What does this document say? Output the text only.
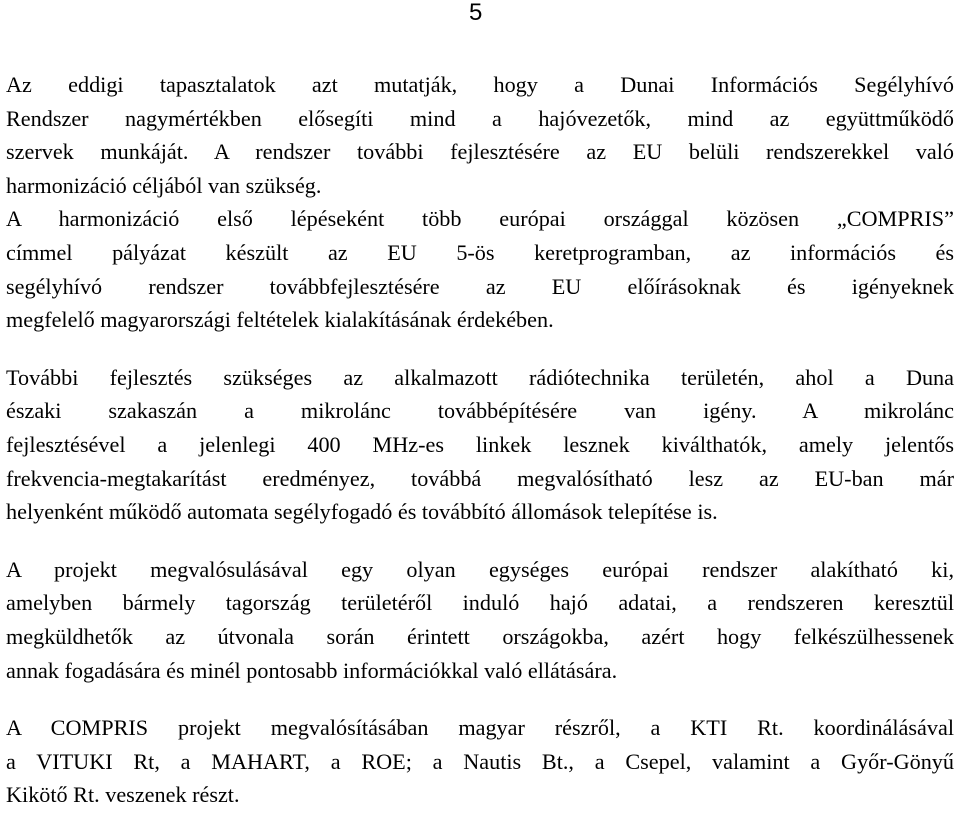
5
Az eddigi tapasztalatok azt mutatják, hogy a Dunai Információs Segélyhívó
Rendszer nagymértékben elősegíti mind a hajóvezetők, mind az együttműködő
szervek munkáját. A rendszer további fejlesztésére az EU belüli rendszerekkel való
harmonizáció céljából van szükség.
A harmonizáció első lépéseként több európai országgal közösen „COMPRIS”
címmel pályázat készült az EU 5-ös keretprogramban, az információs és
segélyhívó rendszer továbbfejlesztésére az EU előírásoknak és igényeknek
megfelelő magyarországi feltételek kialakításának érdekében.
További fejlesztés szükséges az alkalmazott rádiótechnika területén, ahol a Duna
északi szakaszán a mikrolánc továbbépítésére van igény. A mikrolánc
fejlesztésével a jelenlegi 400 MHz-es linkek lesznek kiválthatók, amely jelentős
frekvencia-megtakarítást eredményez, továbbá megvalósítható lesz az EU-ban már
helyenként működő automata segélyfogadó és továbbító állomások telepítése is.
A projekt megvalósulásával egy olyan egységes európai rendszer alakítható ki,
amelyben bármely tagország területéről induló hajó adatai, a rendszeren keresztül
megküldhetők az útvonala során érintett országokba, azért hogy felkészülhessenek
annak fogadására és minél pontosabb információkkal való ellátására.
A COMPRIS projekt megvalósításában magyar részről, a KTI Rt. koordinálásával
a VITUKI Rt, a MAHART, a ROE; a Nautis Bt., a Csepel, valamint a Győr-Gönyű
Kikötő Rt. veszenek részt.
